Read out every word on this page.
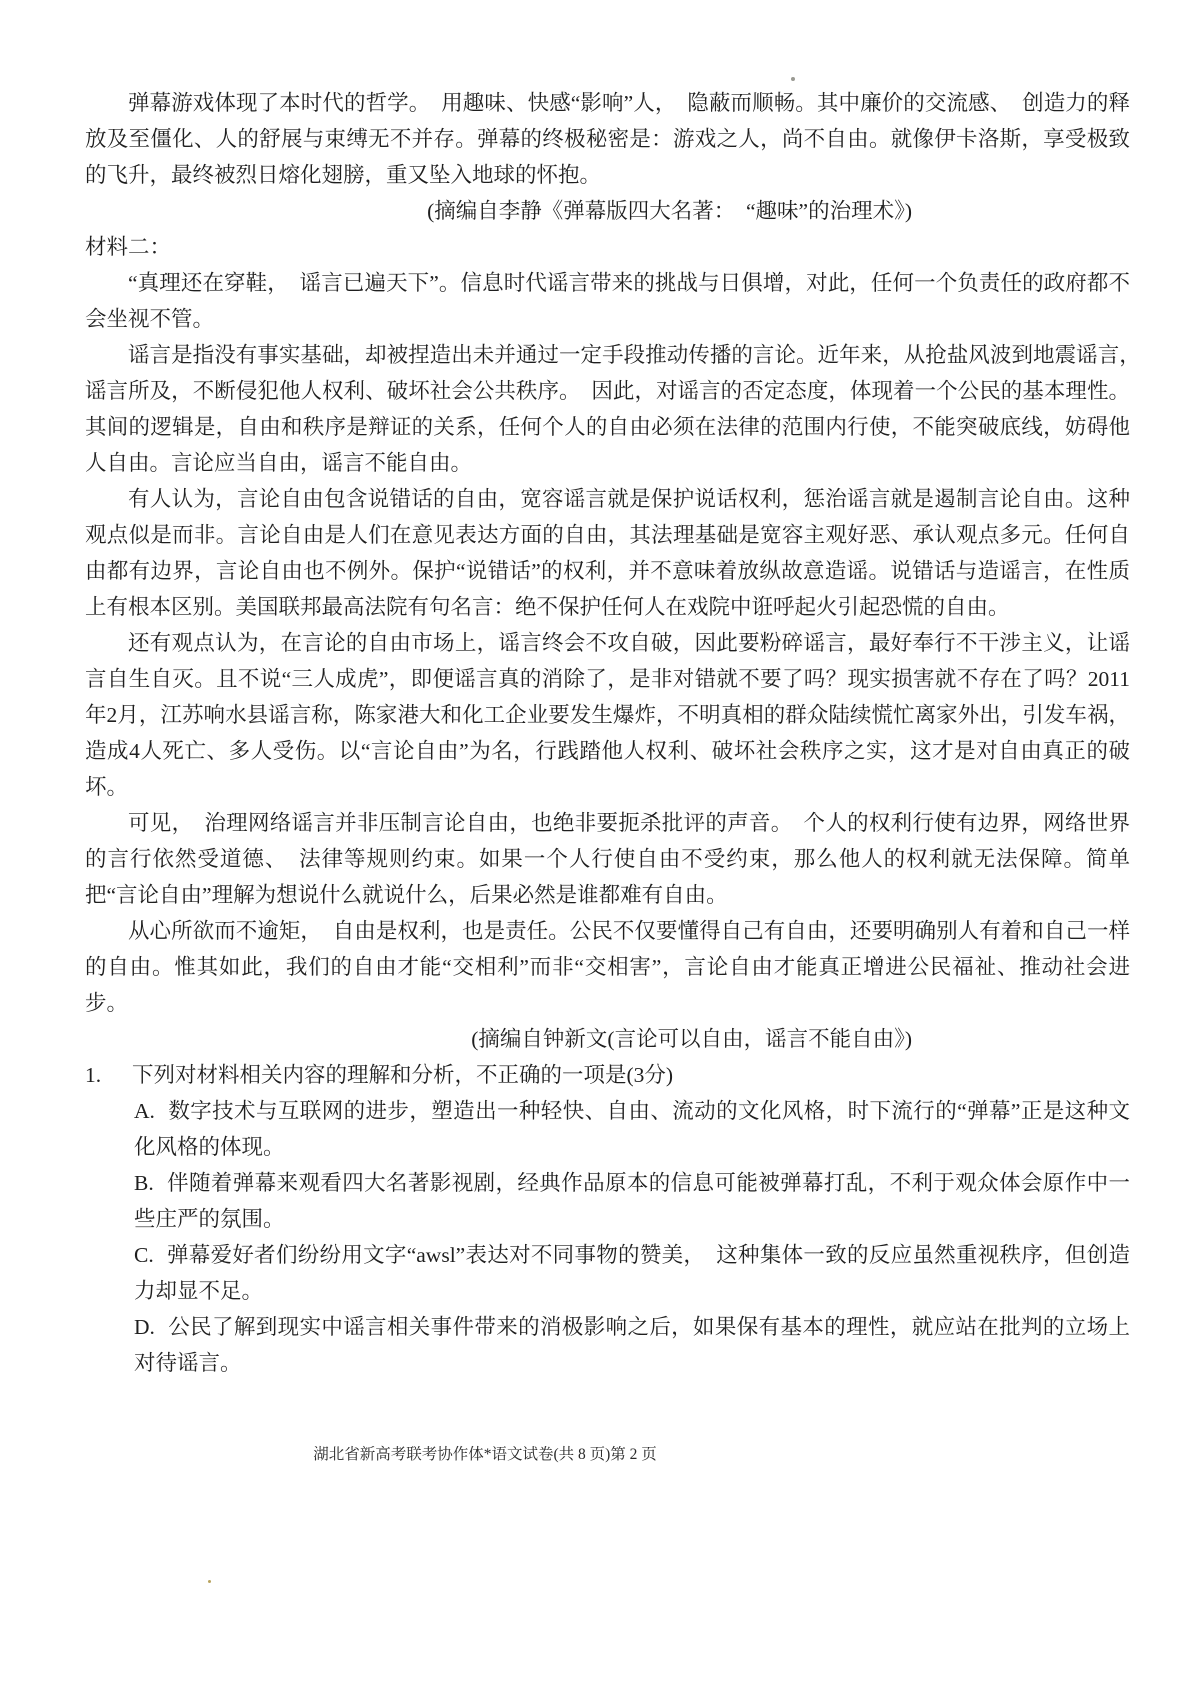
弹幕游戏体现了本时代的哲学。　用趣味、快感“影响”人，　隐蔽而顺畅。其中廉价的交流感、　创造力的释放及至僵化、人的舒展与束缚无不并存。弹幕的终极秘密是：游戏之人，尚不自由。就像伊卡洛斯，享受极致的飞升，最终被烈日熔化翅膀，重又坠入地球的怀抱。

(摘编自李静《弹幕版四大名著：　“趣味”的治理术》)

材料二：

“真理还在穿鞋，　谣言已遍天下”。信息时代谣言带来的挑战与日俱增，对此，任何一个负责任的政府都不会坐视不管。

谣言是指没有事实基础，却被捏造出未并通过一定手段推动传播的言论。近年来，从抢盐风波到地震谣言，　谣言所及，不断侵犯他人权利、破坏社会公共秩序。　因此，对谣言的否定态度，体现着一个公民的基本理性。其间的逻辑是，自由和秩序是辩证的关系，任何个人的自由必须在法律的范围内行使，不能突破底线，妨碍他人自由。言论应当自由，谣言不能自由。

有人认为，言论自由包含说错话的自由，宽容谣言就是保护说话权利，惩治谣言就是遏制言论自由。这种观点似是而非。言论自由是人们在意见表达方面的自由，其法理基础是宽容主观好恶、承认观点多元。任何自由都有边界，言论自由也不例外。保护“说错话”的权利，并不意味着放纵故意造谣。说错话与造谣言，在性质上有根本区别。美国联邦最高法院有句名言：绝不保护任何人在戏院中诳呼起火引起恐慌的自由。

还有观点认为，在言论的自由市场上，谣言终会不攻自破，因此要粉碎谣言，最好奉行不干涉主义，让谣言自生自灭。且不说“三人成虎”，即便谣言真的消除了，是非对错就不要了吗？现实损害就不存在了吗？2011年2月，江苏响水县谣言称，陈家港大和化工企业要发生爆炸，不明真相的群众陆续慌忙离家外出，引发车祸，造成4人死亡、多人受伤。以“言论自由”为名，行践踏他人权利、破坏社会秩序之实，这才是对自由真正的破坏。

可见，　治理网络谣言并非压制言论自由，也绝非要扼杀批评的声音。　个人的权利行使有边界，网络世界的言行依然受道德、　法律等规则约束。如果一个人行使自由不受约束，那么他人的权利就无法保障。简单把“言论自由”理解为想说什么就说什么，后果必然是谁都难有自由。

从心所欲而不逾矩，　自由是权利，也是责任。公民不仅要懂得自己有自由，还要明确别人有着和自己一样的自由。惟其如此，我们的自由才能“交相利”而非“交相害”，言论自由才能真正增进公民福祉、推动社会进步。

(摘编自钟新文(言论可以自由，谣言不能自由》)

1. 下列对材料相关内容的理解和分析，不正确的一项是(3分)

A. 数字技术与互联网的进步，塑造出一种轻快、自由、流动的文化风格，时下流行的“弹幕”正是这种文化风格的体现。

B. 伴随着弹幕来观看四大名著影视剧，经典作品原本的信息可能被弹幕打乱，不利于观众体会原作中一些庄严的氛围。

C. 弹幕爱好者们纷纷用文字“awsl”表达对不同事物的赞美，　这种集体一致的反应虽然重视秩序，但创造力却显不足。

D. 公民了解到现实中谣言相关事件带来的消极影响之后，如果保有基本的理性，就应站在批判的立场上对待谣言。

湖北省新高考联考协作体*语文试卷(共 8 页)第 2 页
